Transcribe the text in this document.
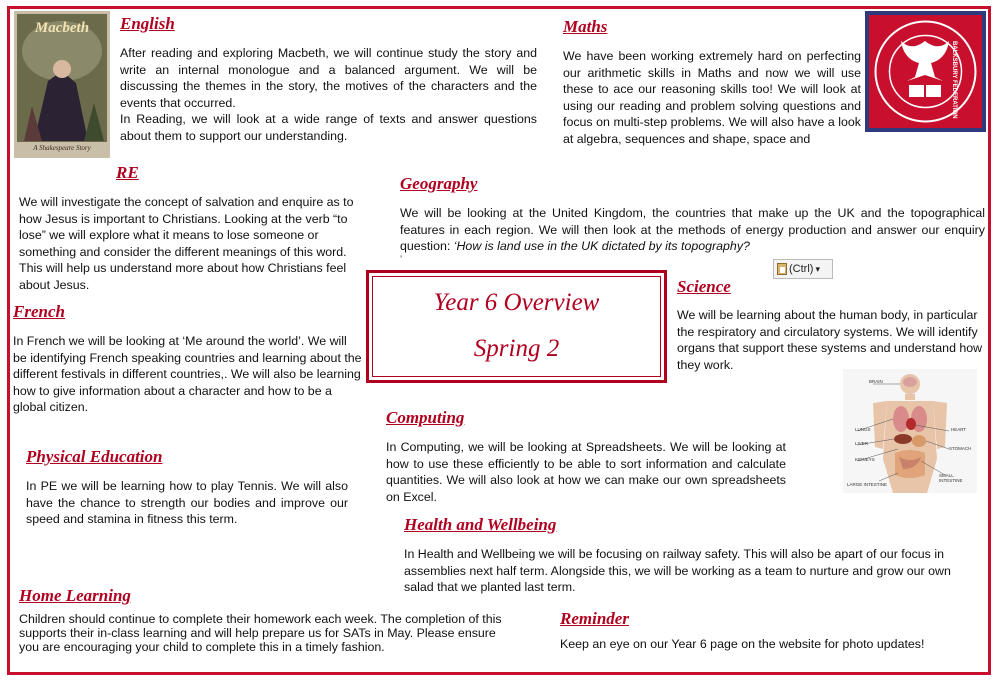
Macbeth
A Shakespeare Story
English
After reading and exploring Macbeth, we will continue study the story and write an internal monologue and a balanced argument. We will be discussing the themes in the story, the motives of the characters and the events that occurred.
In Reading, we will look at a wide range of texts and answer questions about them to support our understanding.
Maths
We have been working extremely hard on perfecting our arithmetic skills in Maths and now we will use these to ace our reasoning skills too! We will look at using our reading and problem solving questions and focus on multi-step problems. We will also have a look at algebra, sequences and shape, space and
BALKSBURY FEDERATION
RE
We will investigate the concept of salvation and enquire as to how Jesus is important to Christians. Looking at the verb “to lose” we will explore what it means to lose someone or something and consider the different meanings of this word. This will help us understand more about how Christians feel about Jesus.
Geography
We will be looking at the United Kingdom, the countries that make up the UK and the topographical features in each region. We will then look at the methods of energy production and answer our enquiry question: ‘How is land use in the UK dictated by its topography?
’
(Ctrl) ▾
Year 6 Overview
Spring 2
French
In French we will be looking at ‘Me around the world’. We will be identifying French speaking countries and learning about the different festivals in different countries,. We will also be learning how to give information about a character and how to be a global citizen.
Science
We will be learning about the human body, in particular the respiratory and circulatory systems. We will identify organs that support these systems and understand how they work.
BRAIN
LUNGS
LIVER
KIDNEYS
HEART
STOMACH
SMALL INTESTINE
LARGE INTESTINE
Computing
In Computing, we will be looking at Spreadsheets. We will be looking at how to use these efficiently to be able to sort information and calculate quantities. We will also look at how we can make our own spreadsheets on Excel.
Physical Education
In PE we will be learning how to play Tennis. We will also have the chance to strength our bodies and improve our speed and stamina in fitness this term.	Health and Wellbeing
In Health and Wellbeing we will be focusing on railway safety. This will also be apart of our focus in assemblies next half term. Alongside this, we will be working as a team to nurture and grow our own salad that we planted last term.
Home Learning
Children should continue to complete their homework each week. The completion of this supports their in-class learning and will help prepare us for SATs in May. Please ensure you are encouraging your child to complete this in a timely fashion.
Reminder
Keep an eye on our Year 6 page on the website for photo updates!
